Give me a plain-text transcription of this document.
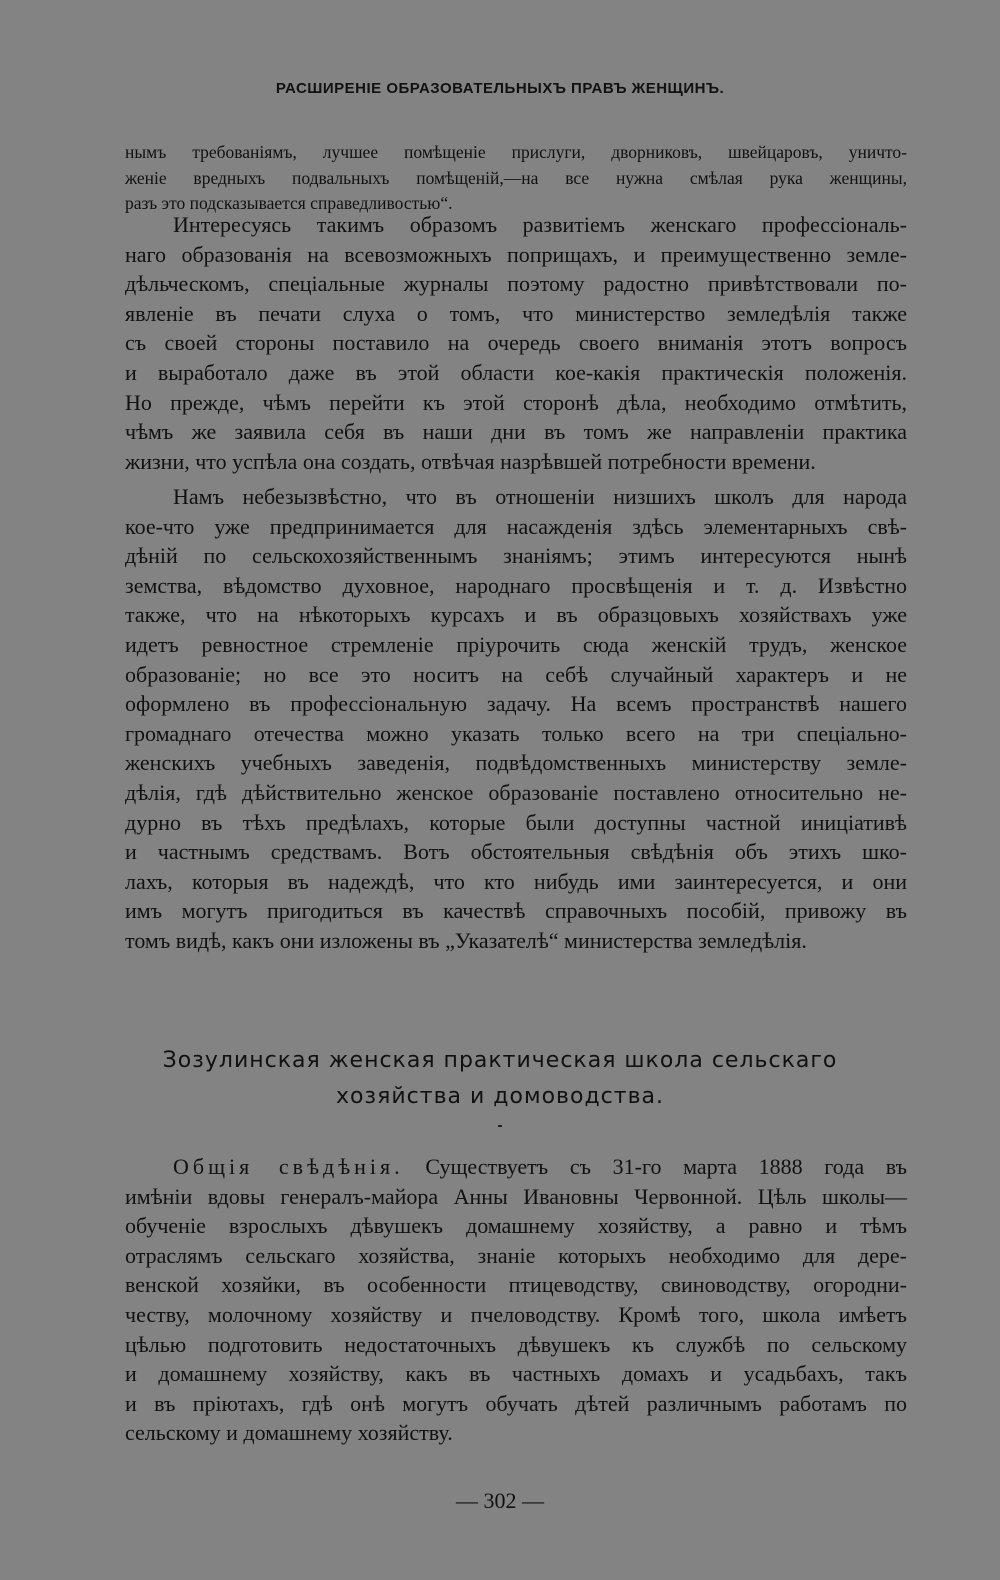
РАСШИРЕНІЕ ОБРАЗОВАТЕЛЬНЫХЪ ПРАВЪ ЖЕНЩИНЪ.
нымъ требованіямъ, лучшее помѣщеніе прислуги, дворниковъ, швейцаровъ, уничто-
женіе вредныхъ подвальныхъ помѣщеній,—на все нужна смѣлая рука женщины,
разъ это подсказывается справедливостью“.
Интересуясь такимъ образомъ развитіемъ женскаго профессіональ-
наго образованія на всевозможныхъ поприщахъ, и преимущественно земле-
дѣльческомъ, спеціальные журналы поэтому радостно привѣтствовали по-
явленіе въ печати слуха о томъ, что министерство земледѣлія также
съ своей стороны поставило на очередь своего вниманія этотъ вопросъ
и выработало даже въ этой области кое-какія практическія положенія.
Но прежде, чѣмъ перейти къ этой сторонѣ дѣла, необходимо отмѣтить,
чѣмъ же заявила себя въ наши дни въ томъ же направленіи практика
жизни, что успѣла она создать, отвѣчая назрѣвшей потребности времени.
Намъ небезызвѣстно, что въ отношеніи низшихъ школъ для народа
кое-что уже предпринимается для насажденія здѣсь элементарныхъ свѣ-
дѣній по сельскохозяйственнымъ знаніямъ; этимъ интересуются нынѣ
земства, вѣдомство духовное, народнаго просвѣщенія и т. д. Извѣстно
также, что на нѣкоторыхъ курсахъ и въ образцовыхъ хозяйствахъ уже
идетъ ревностное стремленіе пріурочить сюда женскій трудъ, женское
образованіе; но все это носитъ на себѣ случайный характеръ и не
оформлено въ профессіональную задачу. На всемъ пространствѣ нашего
громаднаго отечества можно указать только всего на три спеціально-
женскихъ учебныхъ заведенія, подвѣдомственныхъ министерству земле-
дѣлія, гдѣ дѣйствительно женское образованіе поставлено относительно не-
дурно въ тѣхъ предѣлахъ, которые были доступны частной иниціативѣ
и частнымъ средствамъ. Вотъ обстоятельныя свѣдѣнія объ этихъ шко-
лахъ, которыя въ надеждѣ, что кто нибудь ими заинтересуется, и они
имъ могутъ пригодиться въ качествѣ справочныхъ пособій, привожу въ
томъ видѣ, какъ они изложены въ „Указателѣ“ министерства земледѣлія.
Зозулинская женская практическая школа сельскаго
хозяйства и домоводства.
Общія свѣдѣнія. Существуетъ съ 31-го марта 1888 года въ
имѣніи вдовы генералъ-майора Анны Ивановны Червонной. Цѣль школы—
обученіе взрослыхъ дѣвушекъ домашнему хозяйству, а равно и тѣмъ
отраслямъ сельскаго хозяйства, знаніе которыхъ необходимо для дере-
венской хозяйки, въ особенности птицеводству, свиноводству, огородни-
честву, молочному хозяйству и пчеловодству. Кромѣ того, школа имѣетъ
цѣлью подготовить недостаточныхъ дѣвушекъ къ службѣ по сельскому
и домашнему хозяйству, какъ въ частныхъ домахъ и усадьбахъ, такъ
и въ пріютахъ, гдѣ онѣ могутъ обучать дѣтей различнымъ работамъ по
сельскому и домашнему хозяйству.
— 302 —
